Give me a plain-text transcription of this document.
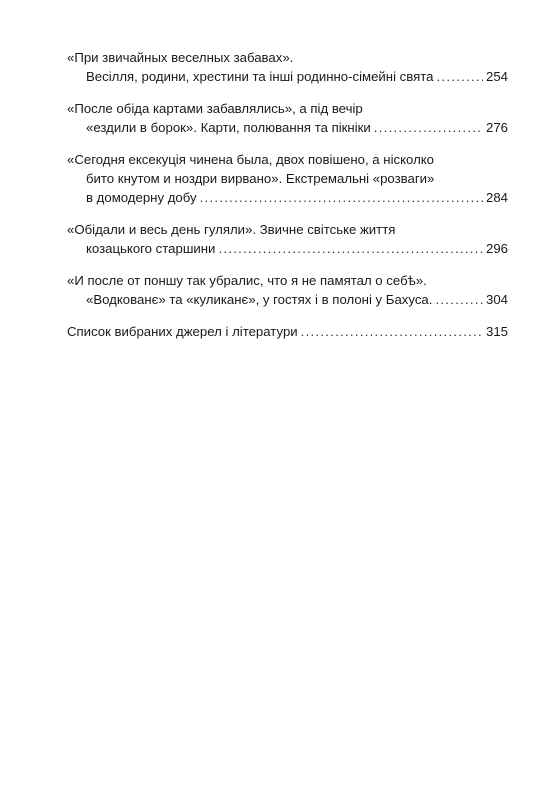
«При звичайных веселных забавах».
Весілля, родини, хрестини та інші родинно-сімейні свята . . .	254
«После обіда картами забавлялись», а під вечір
«ездили в борок». Карти, полювання та пікніки . . .	276
«Сегодня ексекуція чинена была, двох повішено, а нісколко
бито кнутом и ноздри вирвано». Екстремальні «розваги»
в домодерну добу . . .	284
«Обідали и весь день гуляли». Звичне світське життя
козацького старшини . . .	296
«И после от поншу так убралис, что я не памятал о себѣ».
«Водкованє» та «куликанє», у гостях і в полоні у Бахуса. . . .	304
Список вибраних джерел і літератури . . .	315
